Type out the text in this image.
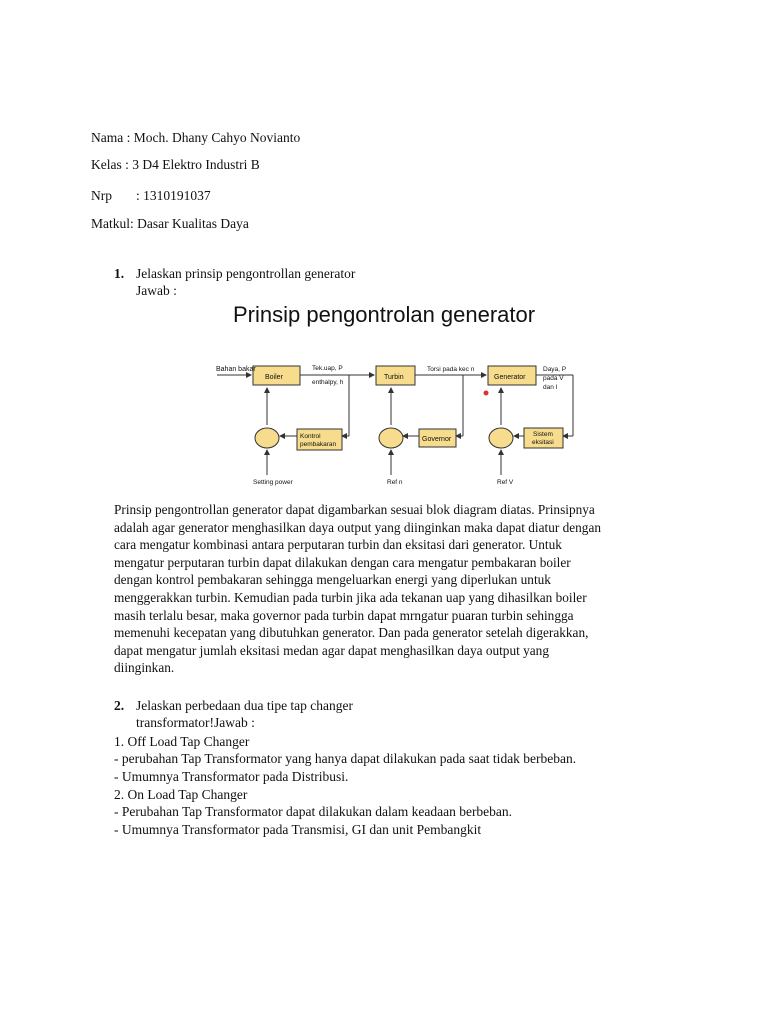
Nama : Moch. Dhany Cahyo Novianto
Kelas : 3 D4 Elektro Industri B
Nrp : 1310191037
Matkul: Dasar Kualitas Daya
1. Jelaskan prinsip pengontrollan generator
Jawab :
Prinsip pengontrolan generator
Bahan bakar
Boiler	Turbin	Generator
Tek.uap, P
enthalpy, h
Torsi pada kec n	Daya, P
pada V
dan I
Kontrol
pembakaran
Governor
Sistem
eksitasi
Setting power	Ref n	Ref V
Prinsip pengontrollan generator dapat digambarkan sesuai blok diagram diatas. Prinsipnya
adalah agar generator menghasilkan daya output yang diinginkan maka dapat diatur dengan
cara mengatur kombinasi antara perputaran turbin dan eksitasi dari generator. Untuk
mengatur perputaran turbin dapat dilakukan dengan cara mengatur pembakaran boiler
dengan kontrol pembakaran sehingga mengeluarkan energi yang diperlukan untuk
menggerakkan turbin. Kemudian pada turbin jika ada tekanan uap yang dihasilkan boiler
masih terlalu besar, maka governor pada turbin dapat mrngatur puaran turbin sehingga
memenuhi kecepatan yang dibutuhkan generator. Dan pada generator setelah digerakkan,
dapat mengatur jumlah eksitasi medan agar dapat menghasilkan daya output yang
diinginkan.
2. Jelaskan perbedaan dua tipe tap changer
transformator!Jawab :
1. Off Load Tap Changer
- perubahan Tap Transformator yang hanya dapat dilakukan pada saat tidak berbeban.
- Umumnya Transformator pada Distribusi.
2. On Load Tap Changer
- Perubahan Tap Transformator dapat dilakukan dalam keadaan berbeban.
- Umumnya Transformator pada Transmisi, GI dan unit Pembangkit
